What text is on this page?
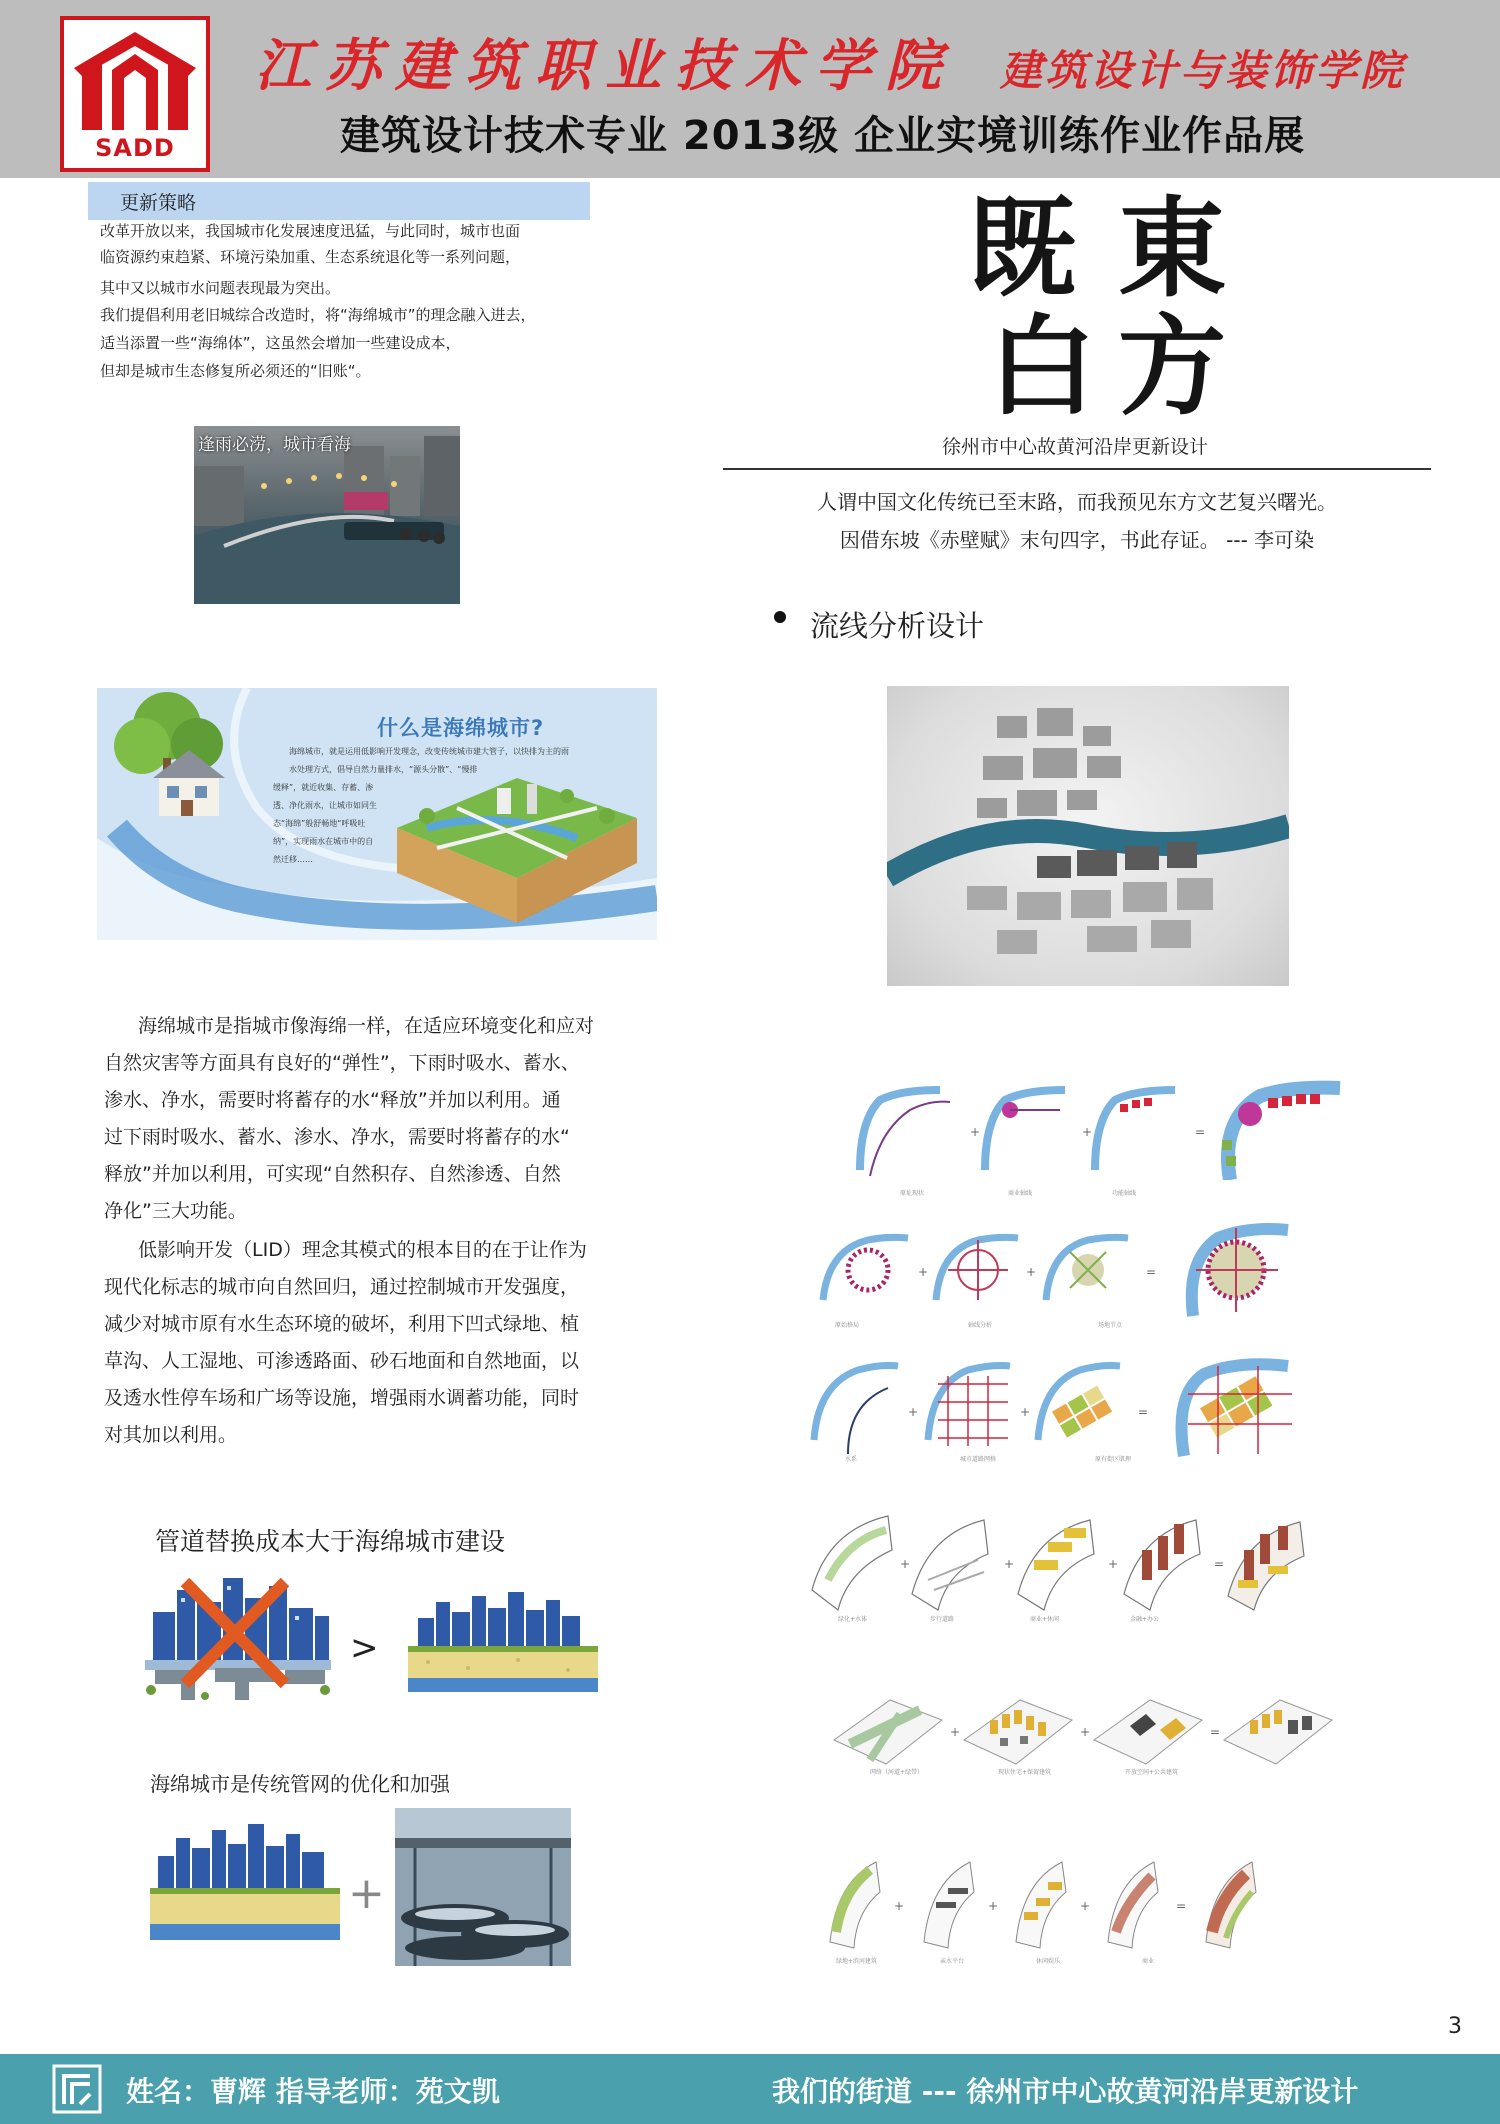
SADD
江苏建筑职业技术学院 建筑设计与装饰学院
建筑设计技术专业 2013级 企业实境训练作业作品展
更新策略
改革开放以来，我国城市化发展速度迅猛，与此同时，城市也面
临资源约束趋紧、环境污染加重、生态系统退化等一系列问题，
其中又以城市水问题表现最为突出。
我们提倡利用老旧城综合改造时，将“海绵城市”的理念融入进去，
适当添置一些“海绵体”，这虽然会增加一些建设成本，
但却是城市生态修复所必须还的“旧账“。
逢雨必涝，城市看海
什么是海绵城市?
海绵城市，就是运用低影响开发理念，改变传统城市建大管子，以快排为主的雨
水处理方式，倡导自然力量排水，“源头分散”、“慢排
缓释”，就近收集、存蓄、渗
透、净化雨水，让城市如同生
态“海绵”般舒畅地“呼吸吐
纳”，实现雨水在城市中的自
然迁移……
海绵城市是指城市像海绵一样，在适应环境变化和应对
自然灾害等方面具有良好的“弹性”，下雨时吸水、蓄水、
渗水、净水，需要时将蓄存的水“释放”并加以利用。通
过下雨时吸水、蓄水、渗水、净水，需要时将蓄存的水“
释放”并加以利用，可实现“自然积存、自然渗透、自然
净化”三大功能。
低影响开发（LID）理念其模式的根本目的在于让作为
现代化标志的城市向自然回归，通过控制城市开发强度，
减少对城市原有水生态环境的破坏，利用下凹式绿地、植
草沟、人工湿地、可渗透路面、砂石地面和自然地面，以
及透水性停车场和广场等设施，增强雨水调蓄功能，同时
对其加以利用。
管道替换成本大于海绵城市建设
>
海绵城市是传统管网的优化和加强
+
既 東
白 方
徐州市中心故黄河沿岸更新设计
人谓中国文化传统已至末路，而我预见东方文艺复兴曙光。
因借东坡《赤壁赋》末句四字，书此存证。 --- 李可染
流线分析设计
+	+	=
原址现状	商业轴线	功能轴线
+	+	=
原始格局	轴线分析	场地节点
+	+	=
水系	城市道路网格	原有街区肌理
+	+	+	=
绿化+水体	步行道路	商业+休闲	金融+办公
+	+	=
网络（河道+绿带）	现状住宅+保留建筑	开放空间+公共建筑
+	+	+	=
绿地+滨河建筑	亲水平台	休闲娱乐	商业
3
姓名：曹辉 指导老师：苑文凯	我们的街道 --- 徐州市中心故黄河沿岸更新设计
